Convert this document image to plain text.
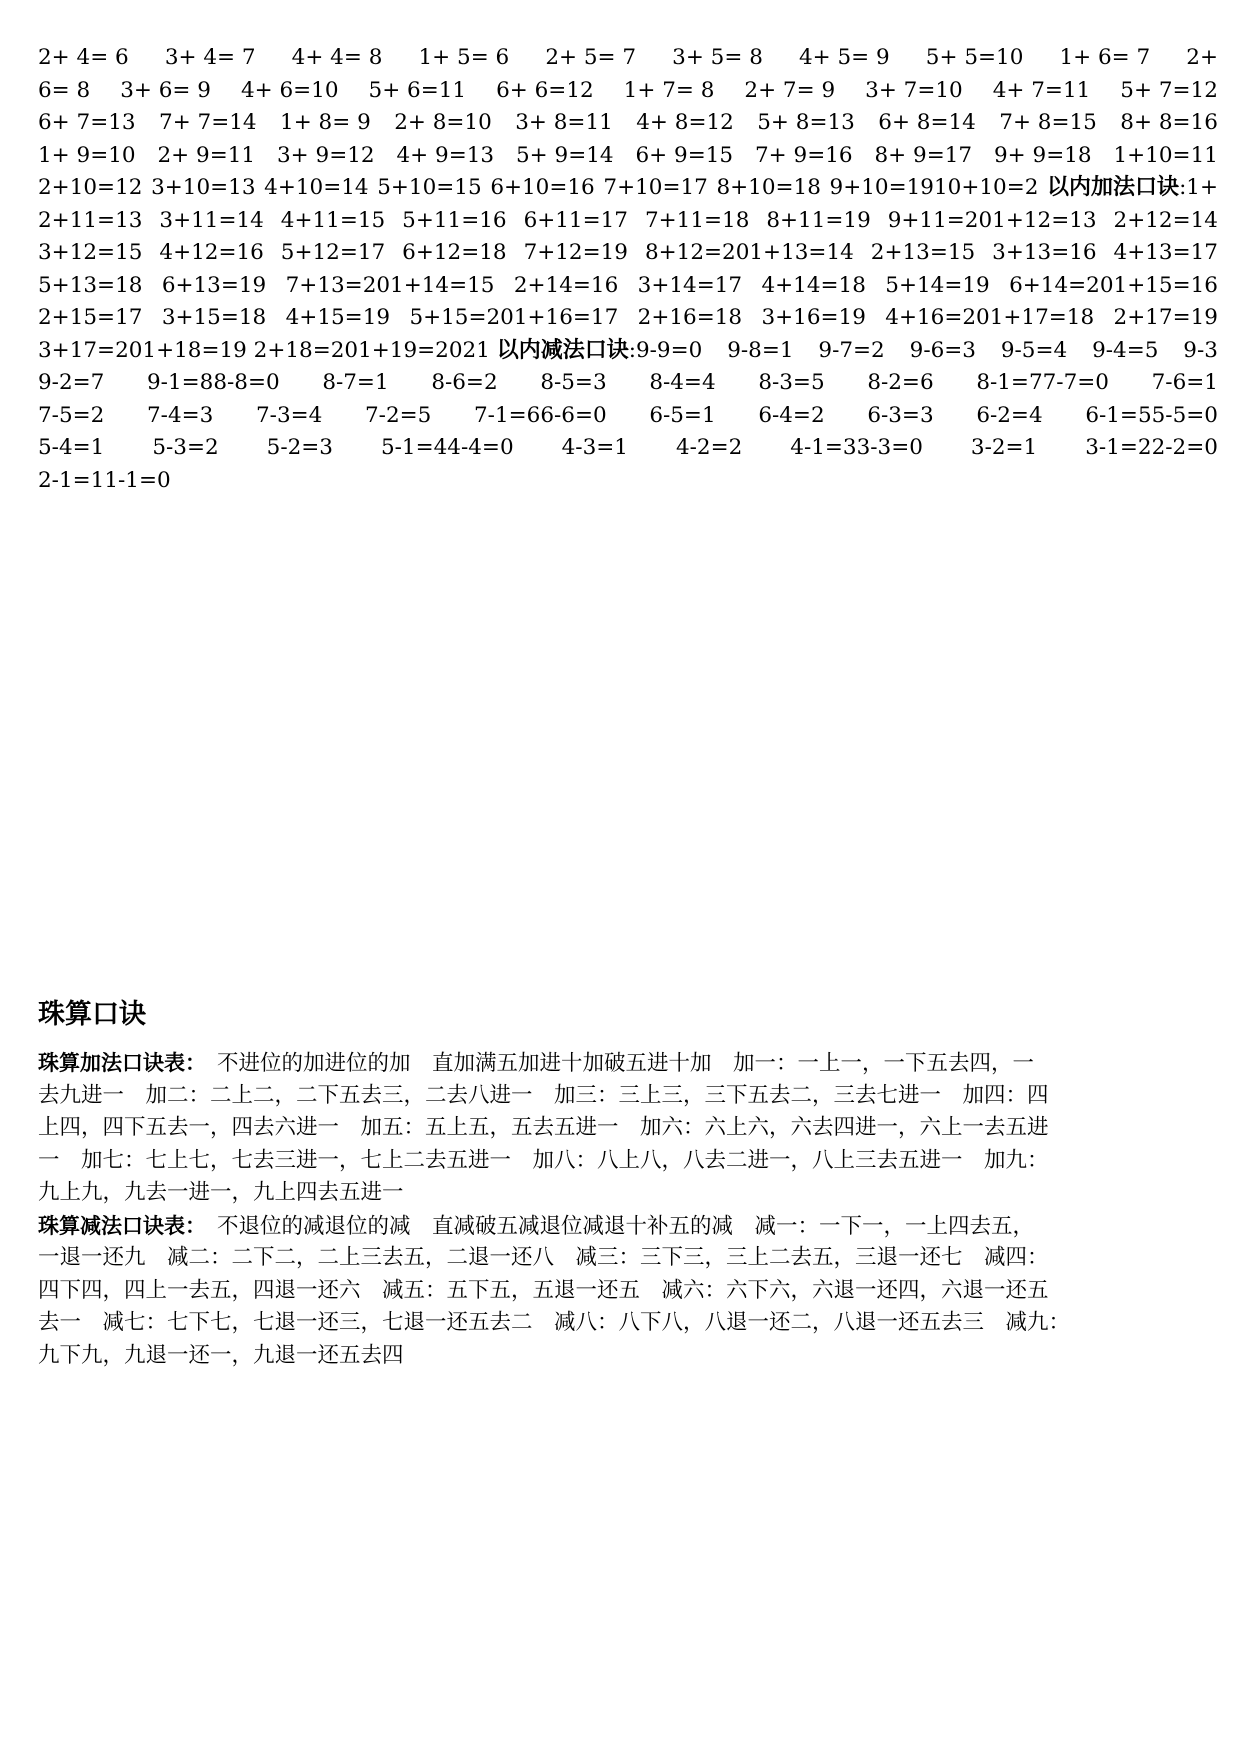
2+ 4= 6 3+ 4= 7 4+ 4= 8 1+ 5= 6 2+ 5= 7 3+ 5= 8 4+ 5= 9 5+ 5=10 1+ 6= 7 2+
6= 8 3+ 6= 9 4+ 6=10 5+ 6=11 6+ 6=12 1+ 7= 8 2+ 7= 9 3+ 7=10 4+ 7=11 5+ 7=12
6+ 7=13 7+ 7=14 1+ 8= 9 2+ 8=10 3+ 8=11 4+ 8=12 5+ 8=13 6+ 8=14 7+ 8=15 8+ 8=16
1+ 9=10 2+ 9=11 3+ 9=12 4+ 9=13 5+ 9=14 6+ 9=15 7+ 9=16 8+ 9=17 9+ 9=18 1+10=11
2+10=12 3+10=13 4+10=14 5+10=15 6+10=16 7+10=17 8+10=18 9+10=1910+10=2 以内加法口诀:1+
2+11=13 3+11=14 4+11=15 5+11=16 6+11=17 7+11=18 8+11=19 9+11=201+12=13 2+12=14
3+12=15 4+12=16 5+12=17 6+12=18 7+12=19 8+12=201+13=14 2+13=15 3+13=16 4+13=17
5+13=18 6+13=19 7+13=201+14=15 2+14=16 3+14=17 4+14=18 5+14=19 6+14=201+15=16
2+15=17 3+15=18 4+15=19 5+15=201+16=17 2+16=18 3+16=19 4+16=201+17=18 2+17=19
3+17=201+18=19 2+18=201+19=2021 以内减法口诀:9-9=0 9-8=1 9-7=2 9-6=3 9-5=4 9-4=5 9-3
9-2=7 9-1=88-8=0 8-7=1 8-6=2 8-5=3 8-4=4 8-3=5 8-2=6 8-1=77-7=0 7-6=1
7-5=2 7-4=3 7-3=4 7-2=5 7-1=66-6=0 6-5=1 6-4=2 6-3=3 6-2=4 6-1=55-5=0
5-4=1 5-3=2 5-2=3 5-1=44-4=0 4-3=1 4-2=2 4-1=33-3=0 3-2=1 3-1=22-2=0
2-1=11-1=0
珠算口诀
珠算加法口诀表：　不进位的加进位的加　直加满五加进十加破五进十加　加一：一上一，一下五去四，一
去九进一　加二：二上二，二下五去三，二去八进一　加三：三上三，三下五去二，三去七进一　加四：四
上四，四下五去一，四去六进一　加五：五上五，五去五进一　加六：六上六，六去四进一，六上一去五进
一　加七：七上七，七去三进一，七上二去五进一　加八：八上八，八去二进一，八上三去五进一　加九：
九上九，九去一进一，九上四去五进一
珠算减法口诀表：　不退位的减退位的减　直减破五减退位减退十补五的减　减一：一下一，一上四去五，
一退一还九　减二：二下二，二上三去五，二退一还八　减三：三下三，三上二去五，三退一还七　减四：
四下四，四上一去五，四退一还六　减五：五下五，五退一还五　减六：六下六，六退一还四，六退一还五
去一　减七：七下七，七退一还三，七退一还五去二　减八：八下八，八退一还二，八退一还五去三　减九：
九下九，九退一还一，九退一还五去四
